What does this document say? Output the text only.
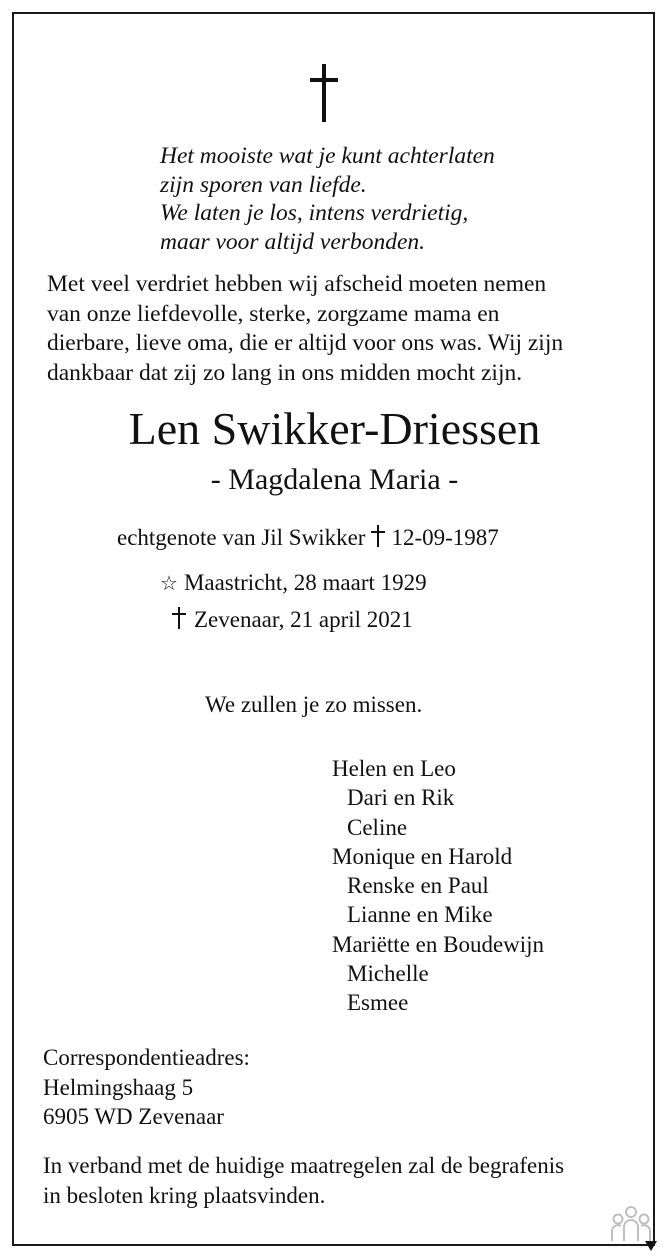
Het mooiste wat je kunt achterlaten
zijn sporen van liefde.
We laten je los, intens verdrietig,
maar voor altijd verbonden.
Met veel verdriet hebben wij afscheid moeten nemen
van onze liefdevolle, sterke, zorgzame mama en
dierbare, lieve oma, die er altijd voor ons was. Wij zijn
dankbaar dat zij zo lang in ons midden mocht zijn.
Len Swikker-Driessen
- Magdalena Maria -
echtgenote van Jil Swikker 12-09-1987
☆ Maastricht, 28 maart 1929
Zevenaar, 21 april 2021
We zullen je zo missen.
Helen en Leo
Dari en Rik
Celine
Monique en Harold
Renske en Paul
Lianne en Mike
Mariëtte en Boudewijn
Michelle
Esmee
Correspondentieadres:
Helmingshaag 5
6905 WD Zevenaar
In verband met de huidige maatregelen zal de begrafenis
in besloten kring plaatsvinden.
